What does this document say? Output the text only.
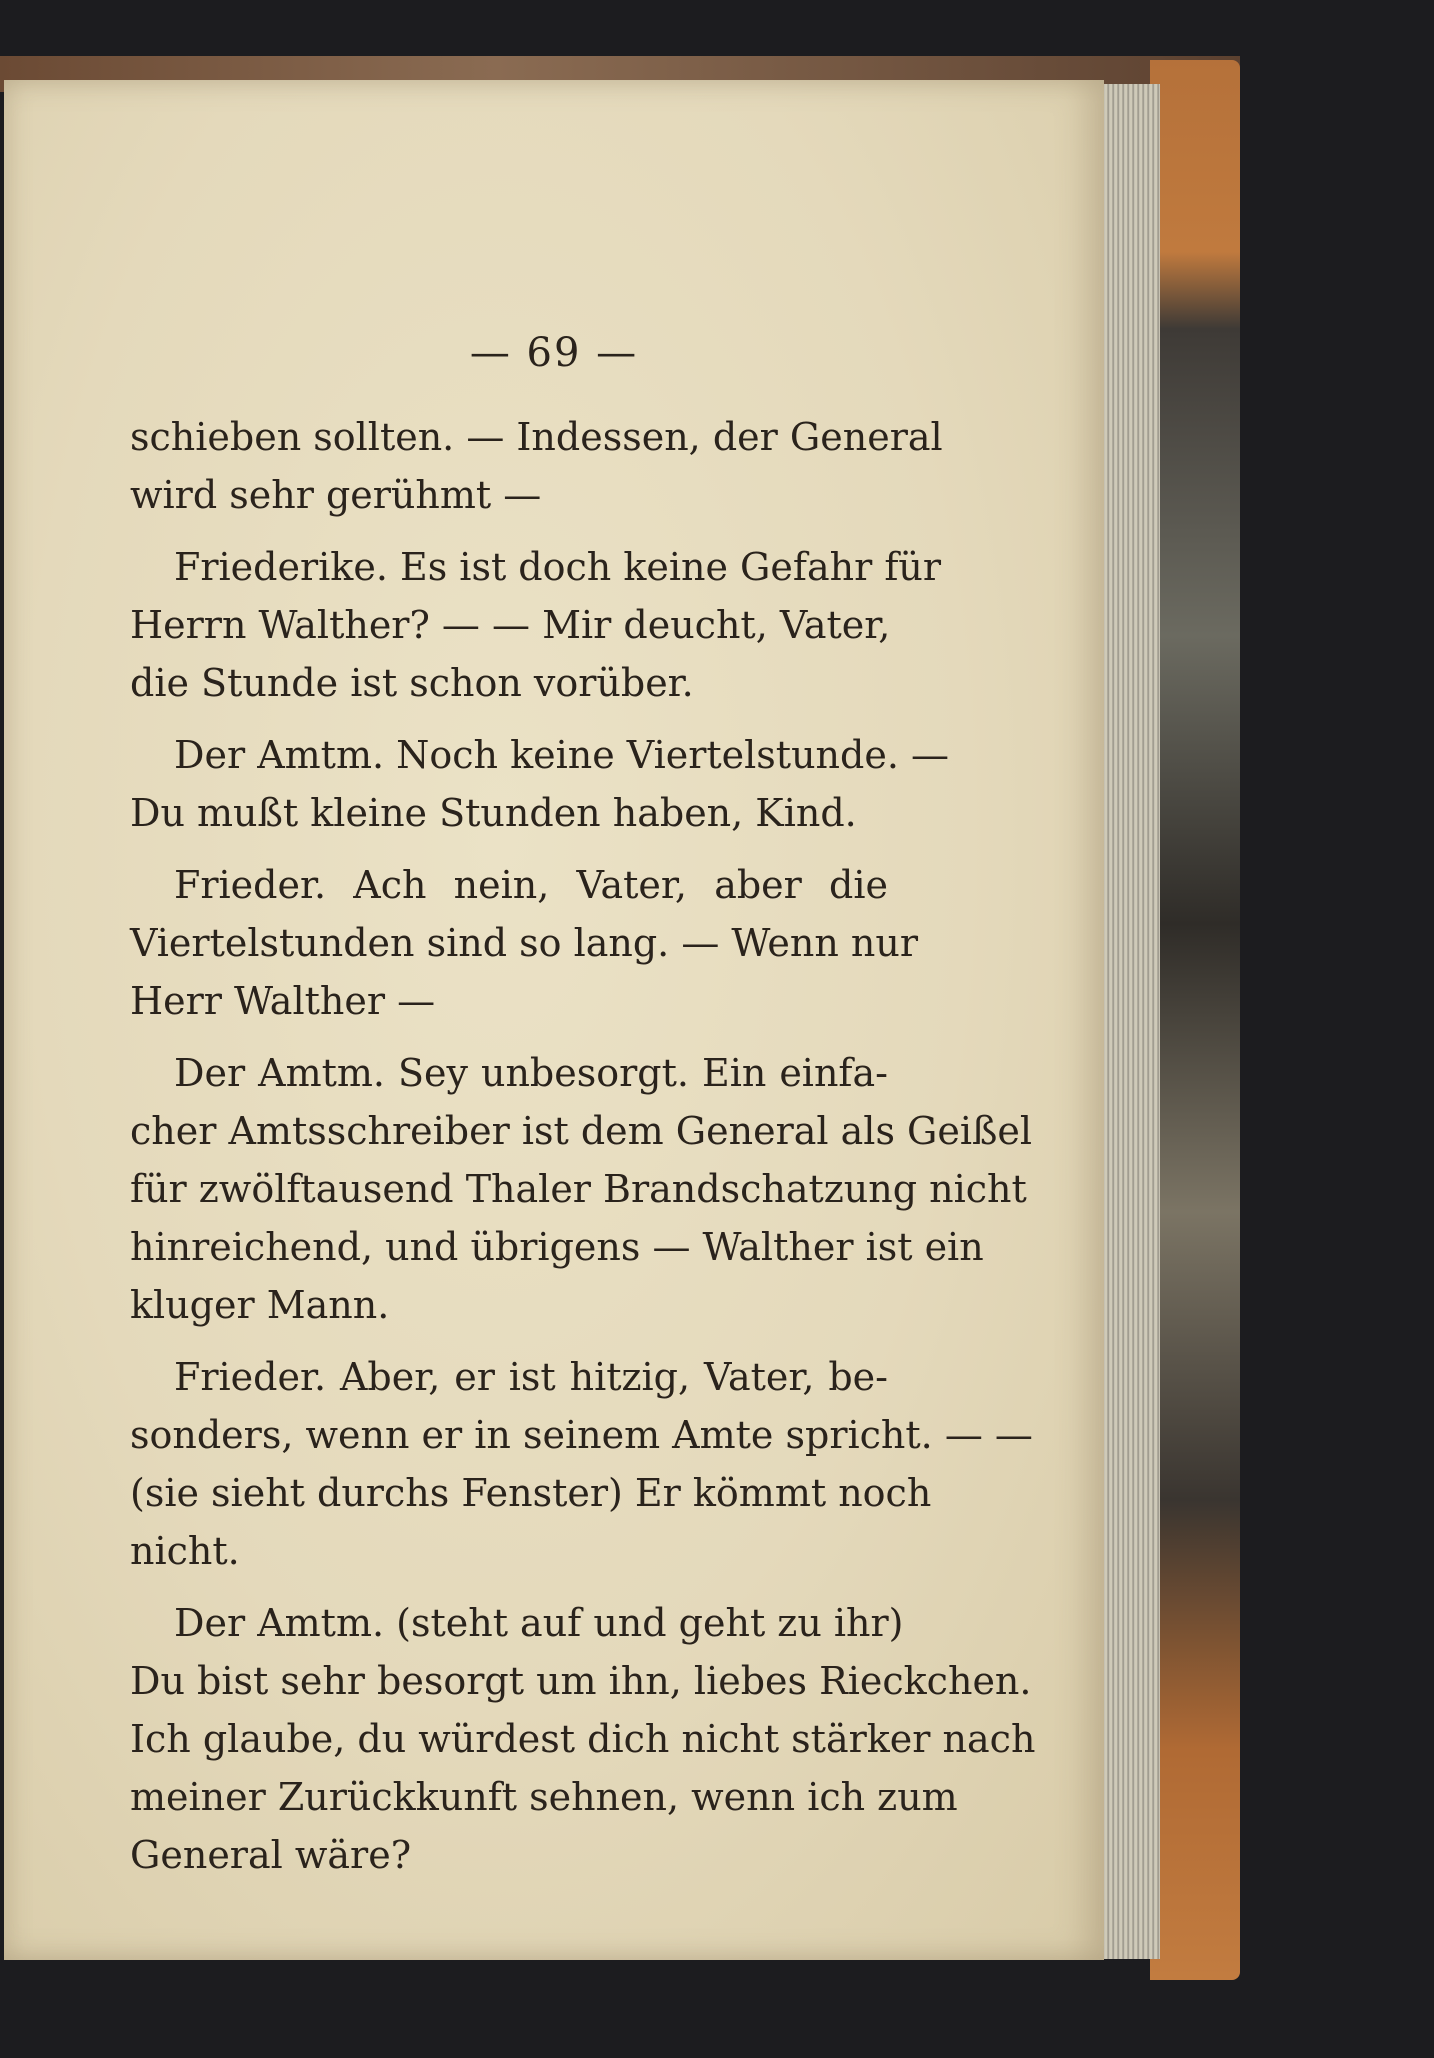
— 69 —
schieben sollten. — Indessen, der General
wird sehr gerühmt —
Friederike. Es ist doch keine Gefahr für
Herrn Walther? — — Mir deucht, Vater,
die Stunde ist schon vorüber.
Der Amtm. Noch keine Viertelstunde. —
Du mußt kleine Stunden haben, Kind.
Frieder. Ach nein, Vater, aber die
Viertelstunden sind so lang. — Wenn nur
Herr Walther —
Der Amtm. Sey unbesorgt. Ein einfa-
cher Amtsschreiber ist dem General als Geißel
für zwölftausend Thaler Brandschatzung nicht
hinreichend, und übrigens — Walther ist ein
kluger Mann.
Frieder. Aber, er ist hitzig, Vater, be-
sonders, wenn er in seinem Amte spricht. — —
(sie sieht durchs Fenster) Er kömmt noch
nicht.
Der Amtm. (steht auf und geht zu ihr)
Du bist sehr besorgt um ihn, liebes Rieckchen.
Ich glaube, du würdest dich nicht stärker nach
meiner Zurückkunft sehnen, wenn ich zum
General wäre?
